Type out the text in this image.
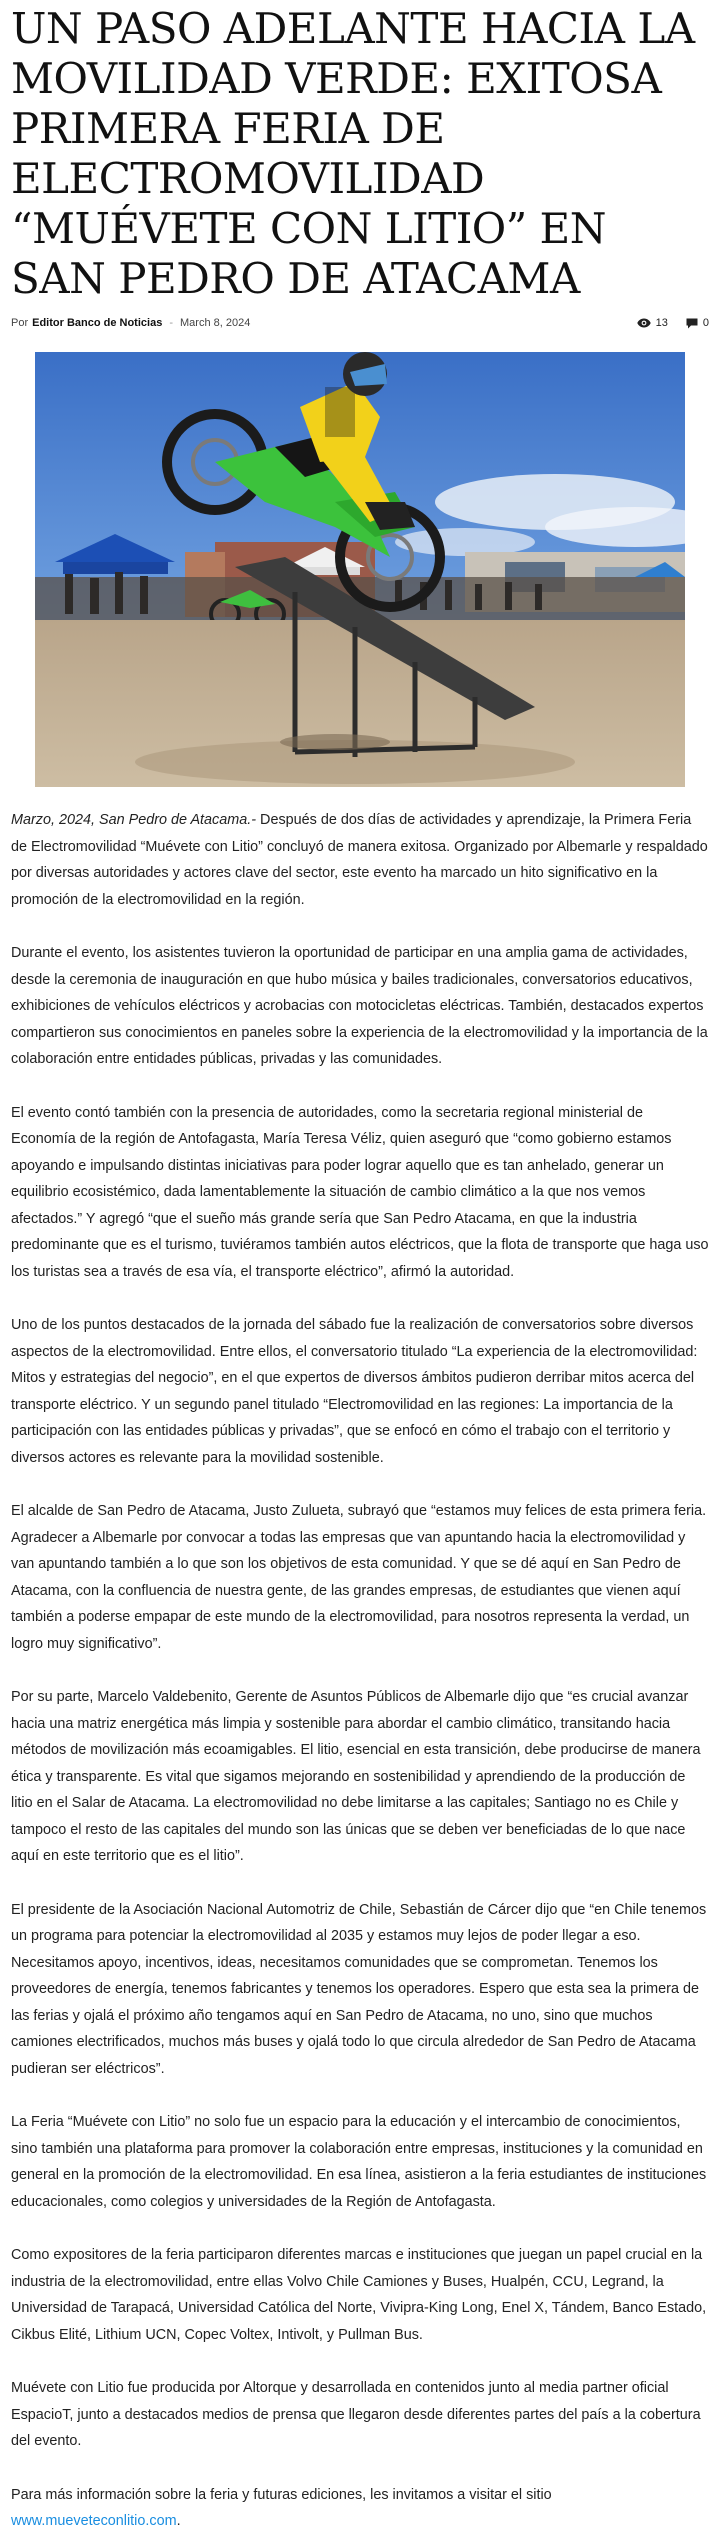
UN PASO ADELANTE HACIA LA MOVILIDAD VERDE: EXITOSA PRIMERA FERIA DE ELECTROMOVILIDAD “MUÉVETE CON LITIO” EN SAN PEDRO DE ATACAMA
Por Editor Banco de Noticias - March 8, 2024	13	0

Marzo, 2024, San Pedro de Atacama.- Después de dos días de actividades y aprendizaje, la Primera Feria de Electromovilidad “Muévete con Litio” concluyó de manera exitosa. Organizado por Albemarle y respaldado por diversas autoridades y actores clave del sector, este evento ha marcado un hito significativo en la promoción de la electromovilidad en la región.

Durante el evento, los asistentes tuvieron la oportunidad de participar en una amplia gama de actividades, desde la ceremonia de inauguración en que hubo música y bailes tradicionales, conversatorios educativos, exhibiciones de vehículos eléctricos y acrobacias con motocicletas eléctricas. También, destacados expertos compartieron sus conocimientos en paneles sobre la experiencia de la electromovilidad y la importancia de la colaboración entre entidades públicas, privadas y las comunidades.

El evento contó también con la presencia de autoridades, como la secretaria regional ministerial de Economía de la región de Antofagasta, María Teresa Véliz, quien aseguró que “como gobierno estamos apoyando e impulsando distintas iniciativas para poder lograr aquello que es tan anhelado, generar un equilibrio ecosistémico, dada lamentablemente la situación de cambio climático a la que nos vemos afectados.” Y agregó “que el sueño más grande sería que San Pedro Atacama, en que la industria predominante que es el turismo, tuviéramos también autos eléctricos, que la flota de transporte que haga uso los turistas sea a través de esa vía, el transporte eléctrico”, afirmó la autoridad.

Uno de los puntos destacados de la jornada del sábado fue la realización de conversatorios sobre diversos aspectos de la electromovilidad. Entre ellos, el conversatorio titulado “La experiencia de la electromovilidad: Mitos y estrategias del negocio”, en el que expertos de diversos ámbitos pudieron derribar mitos acerca del transporte eléctrico. Y un segundo panel titulado “Electromovilidad en las regiones: La importancia de la participación con las entidades públicas y privadas”, que se enfocó en cómo el trabajo con el territorio y diversos actores es relevante para la movilidad sostenible.

El alcalde de San Pedro de Atacama, Justo Zulueta, subrayó que “estamos muy felices de esta primera feria. Agradecer a Albemarle por convocar a todas las empresas que van apuntando hacia la electromovilidad y van apuntando también a lo que son los objetivos de esta comunidad. Y que se dé aquí en San Pedro de Atacama, con la confluencia de nuestra gente, de las grandes empresas, de estudiantes que vienen aquí también a poderse empapar de este mundo de la electromovilidad, para nosotros representa la verdad, un logro muy significativo”.

Por su parte, Marcelo Valdebenito, Gerente de Asuntos Públicos de Albemarle dijo que “es crucial avanzar hacia una matriz energética más limpia y sostenible para abordar el cambio climático, transitando hacia métodos de movilización más ecoamigables. El litio, esencial en esta transición, debe producirse de manera ética y transparente. Es vital que sigamos mejorando en sostenibilidad y aprendiendo de la producción de litio en el Salar de Atacama. La electromovilidad no debe limitarse a las capitales; Santiago no es Chile y tampoco el resto de las capitales del mundo son las únicas que se deben ver beneficiadas de lo que nace aquí en este territorio que es el litio”.

El presidente de la Asociación Nacional Automotriz de Chile, Sebastián de Cárcer dijo que “en Chile tenemos un programa para potenciar la electromovilidad al 2035 y estamos muy lejos de poder llegar a eso. Necesitamos apoyo, incentivos, ideas, necesitamos comunidades que se comprometan. Tenemos los proveedores de energía, tenemos fabricantes y tenemos los operadores. Espero que esta sea la primera de las ferias y ojalá el próximo año tengamos aquí en San Pedro de Atacama, no uno, sino que muchos camiones electrificados, muchos más buses y ojalá todo lo que circula alrededor de San Pedro de Atacama pudieran ser eléctricos”.

La Feria “Muévete con Litio” no solo fue un espacio para la educación y el intercambio de conocimientos, sino también una plataforma para promover la colaboración entre empresas, instituciones y la comunidad en general en la promoción de la electromovilidad. En esa línea, asistieron a la feria estudiantes de instituciones educacionales, como colegios y universidades de la Región de Antofagasta.

Como expositores de la feria participaron diferentes marcas e instituciones que juegan un papel crucial en la industria de la electromovilidad, entre ellas Volvo Chile Camiones y Buses, Hualpén, CCU, Legrand, la Universidad de Tarapacá, Universidad Católica del Norte, Vivipra-King Long, Enel X, Tándem, Banco Estado, Cikbus Elité, Lithium UCN, Copec Voltex, Intivolt, y Pullman Bus.

Muévete con Litio fue producida por Altorque y desarrollada en contenidos junto al media partner oficial EspacioT, junto a destacados medios de prensa que llegaron desde diferentes partes del país a la cobertura del evento.

Para más información sobre la feria y futuras ediciones, les invitamos a visitar el sitio www.mueveteconlitio.com.
